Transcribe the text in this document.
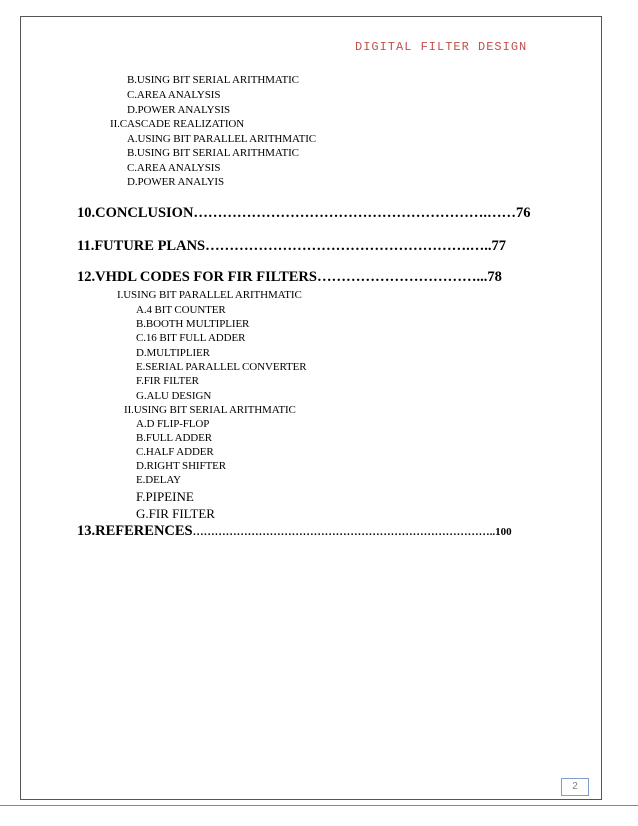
DIGITAL FILTER DESIGN
B.USING BIT SERIAL ARITHMATIC
C.AREA ANALYSIS
D.POWER ANALYSIS
II.CASCADE REALIZATION
A.USING BIT PARALLEL ARITHMATIC
B.USING BIT SERIAL ARITHMATIC
C.AREA ANALYSIS
D.POWER ANALYIS
10.CONCLUSION…………………………………………………….……76
11.FUTURE PLANS……………………………………………….…..77
12.VHDL CODES FOR FIR FILTERS……………………………...78
I.USING BIT PARALLEL ARITHMATIC
A.4 BIT COUNTER
B.BOOTH MULTIPLIER
C.16 BIT FULL ADDER
D.MULTIPLIER
E.SERIAL PARALLEL CONVERTER
F.FIR FILTER
G.ALU DESIGN
II.USING BIT SERIAL ARITHMATIC
A.D FLIP-FLOP
B.FULL ADDER
C.HALF ADDER
D.RIGHT SHIFTER
E.DELAY
F.PIPEINE
G.FIR FILTER
13.REFERENCES………………………………………………………………………..100
2
